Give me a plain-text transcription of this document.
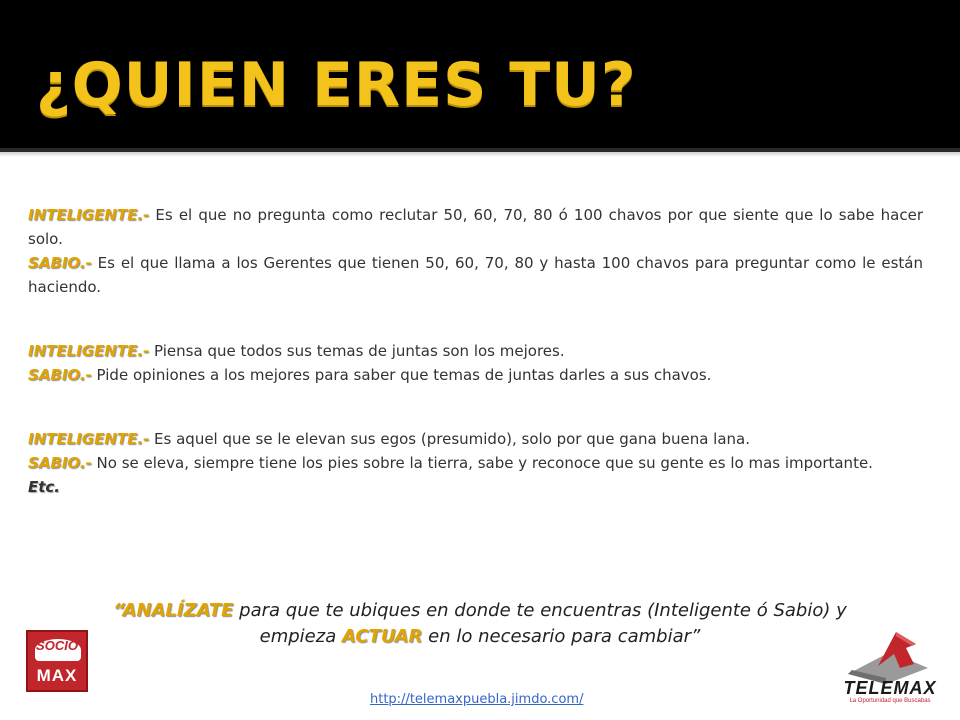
¿QUIEN ERES TU?

INTELIGENTE.- Es el que no pregunta como reclutar 50, 60, 70, 80 ó 100 chavos por que siente que lo sabe hacer solo.

SABIO.- Es el que llama a los Gerentes que tienen 50, 60, 70, 80 y hasta 100 chavos para preguntar como le están haciendo.

INTELIGENTE.- Piensa que todos sus temas de juntas son los mejores.

SABIO.- Pide opiniones a los mejores para saber que temas de juntas darles a sus chavos.

INTELIGENTE.- Es aquel que se le elevan sus egos (presumido), solo por que gana buena lana.

SABIO.- No se eleva, siempre tiene los pies sobre la tierra, sabe y reconoce que su gente es lo mas importante.

Etc.

“ANALÍZATE para que te ubiques en donde te encuentras (Inteligente ó Sabio) y
empieza ACTUAR en lo necesario para cambiar”
SOCIO
MAX
TELEMAX
La Oportunidad que Buscabas
http://telemaxpuebla.jimdo.com/
